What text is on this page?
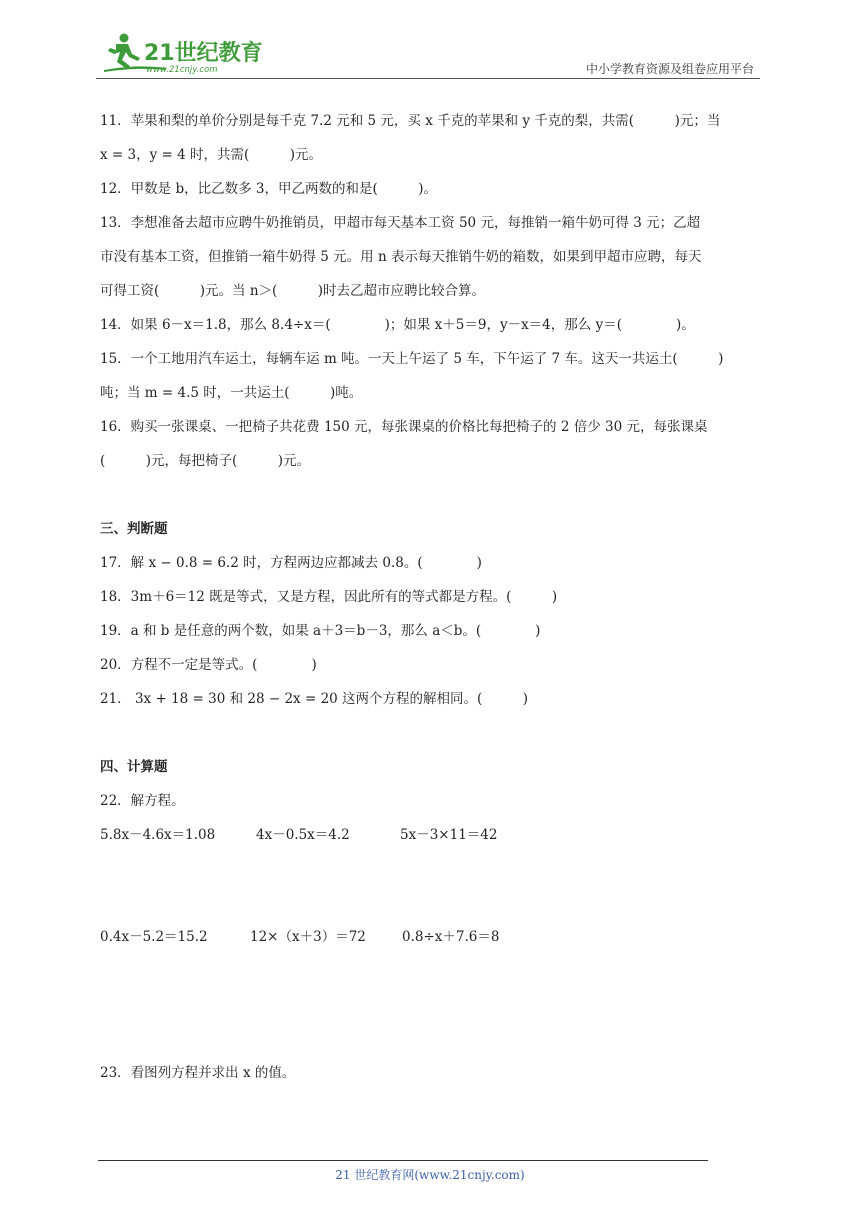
21世纪教育
www.21cnjy.com	中小学教育资源及组卷应用平台
11．苹果和梨的单价分别是每千克 7.2 元和 5 元，买 x 千克的苹果和 y 千克的梨，共需(　　　)元；当
x = 3，y = 4 时，共需(　　　)元。
12．甲数是 b，比乙数多 3，甲乙两数的和是(　　　)。
13．李想准备去超市应聘牛奶推销员，甲超市每天基本工资 50 元，每推销一箱牛奶可得 3 元；乙超
市没有基本工资，但推销一箱牛奶得 5 元。用 n 表示每天推销牛奶的箱数，如果到甲超市应聘，每天
可得工资(　　　)元。当 n＞(　　　)时去乙超市应聘比较合算。
14．如果 6－x＝1.8，那么 8.4÷x＝(　　　　)；如果 x＋5＝9，y－x＝4，那么 y＝(　　　　)。
15．一个工地用汽车运土，每辆车运 m 吨。一天上午运了 5 车，下午运了 7 车。这天一共运土(　　　)
吨；当 m = 4.5 时，一共运土(　　　)吨。
16．购买一张课桌、一把椅子共花费 150 元，每张课桌的价格比每把椅子的 2 倍少 30 元，每张课桌
(　　　)元，每把椅子(　　　)元。
三、判断题
17．解 x − 0.8 = 6.2 时，方程两边应都减去 0.8。(　　　　)
18．3m＋6＝12 既是等式，又是方程，因此所有的等式都是方程。(　　　)
19．a 和 b 是任意的两个数，如果 a＋3＝b－3，那么 a＜b。(　　　　)
20．方程不一定是等式。(　　　　)
21． 3x + 18 = 30 和 28 − 2x = 20 这两个方程的解相同。(　　　)
四、计算题
22．解方程。
5.8x－4.6x＝1.08	4x－0.5x＝4.2	5x－3×11＝42
0.4x－5.2＝15.2	12×（x＋3）＝72	0.8÷x＋7.6＝8
23．看图列方程并求出 x 的值。
21 世纪教育网(www.21cnjy.com)
